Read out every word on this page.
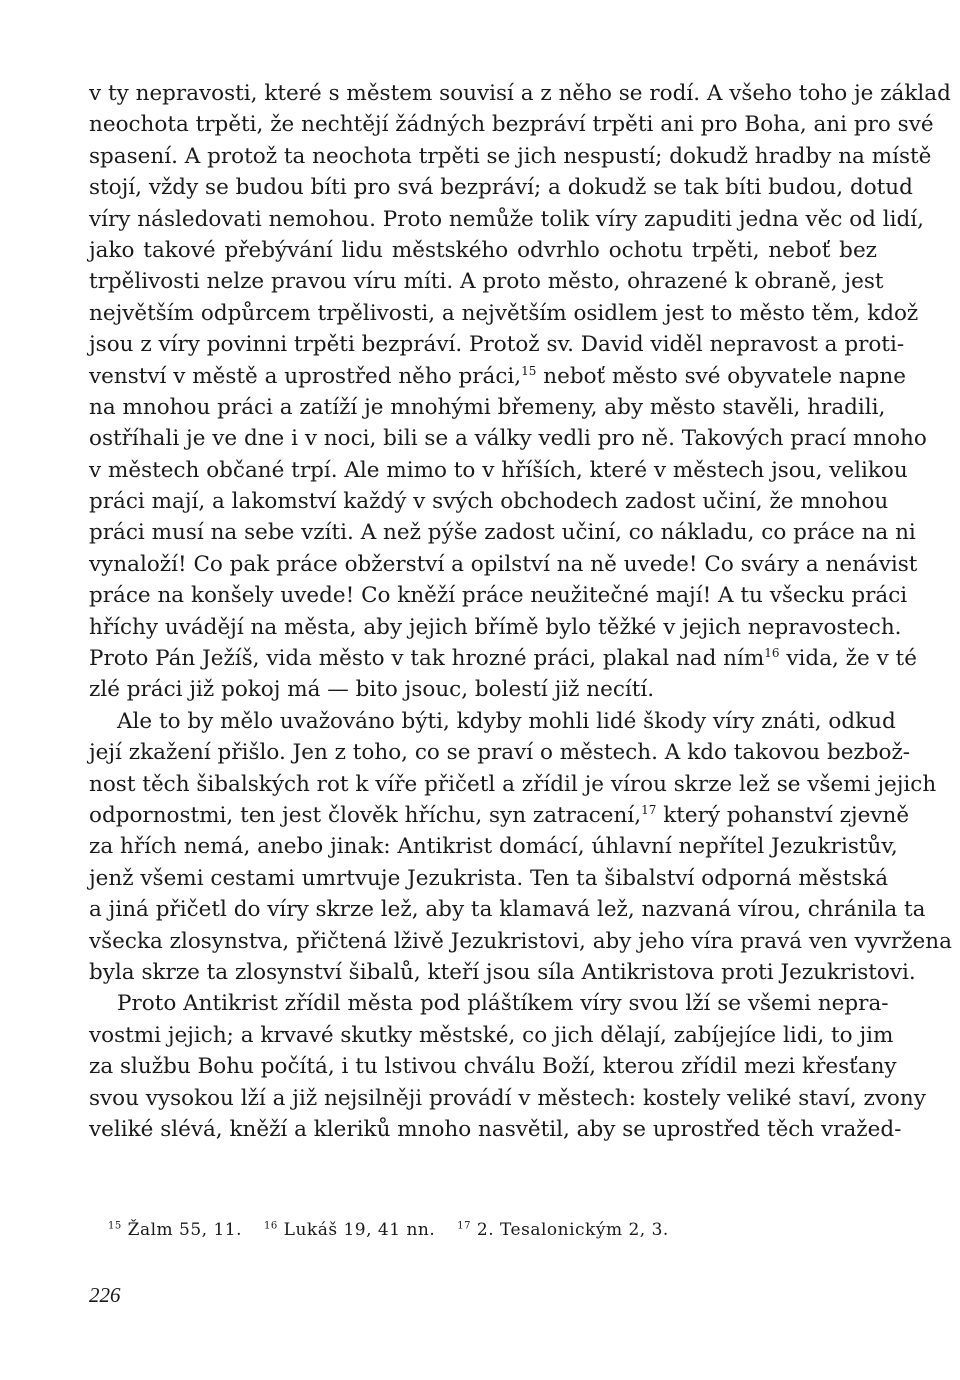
v ty nepravosti, které s městem souvisí a z něho se rodí. A všeho toho je základ
neochota trpěti, že nechtějí žádných bezpráví trpěti ani pro Boha, ani pro své
spasení. A protož ta neochota trpěti se jich nespustí; dokudž hradby na místě
stojí, vždy se budou bíti pro svá bezpráví; a dokudž se tak bíti budou, dotud
víry následovati nemohou. Proto nemůže tolik víry zapuditi jedna věc od lidí,
jako takové přebývání lidu městského odvrhlo ochotu trpěti, neboť bez
trpělivosti nelze pravou víru míti. A proto město, ohrazené k obraně, jest
největším odpůrcem trpělivosti, a největším osidlem jest to město těm, kdož
jsou z víry povinni trpěti bezpráví. Protož sv. David viděl nepravost a proti-
venství v městě a uprostřed něho práci,$^{15}$ neboť město své obyvatele napne
na mnohou práci a zatíží je mnohými břemeny, aby město stavěli, hradili,
ostříhali je ve dne i v noci, bili se a války vedli pro ně. Takových prací mnoho
v městech občané trpí. Ale mimo to v hříších, které v městech jsou, velikou
práci mají, a lakomství každý v svých obchodech zadost učiní, že mnohou
práci musí na sebe vzíti. A než pýše zadost učiní, co nákladu, co práce na ni
vynaloží! Co pak práce obžerství a opilství na ně uvede! Co sváry a nenávist
práce na konšely uvede! Co kněží práce neužitečné mají! A tu všecku práci
hříchy uvádějí na města, aby jejich břímě bylo těžké v jejich nepravostech.
Proto Pán Ježíš, vida město v tak hrozné práci, plakal nad ním$^{16}$ vida, že v té
zlé práci již pokoj má — bito jsouc, bolestí již necítí.
Ale to by mělo uvažováno býti, kdyby mohli lidé škody víry znáti, odkud
její zkažení přišlo. Jen z toho, co se praví o městech. A kdo takovou bezbož-
nost těch šibalských rot k víře přičetl a zřídil je vírou skrze lež se všemi jejich
odpornostmi, ten jest člověk hříchu, syn zatracení,$^{17}$ který pohanství zjevně
za hřích nemá, anebo jinak: Antikrist domácí, úhlavní nepřítel Jezukristův,
jenž všemi cestami umrtvuje Jezukrista. Ten ta šibalství odporná městská
a jiná přičetl do víry skrze lež, aby ta klamavá lež, nazvaná vírou, chránila ta
všecka zlosynstva, přičtená lživě Jezukristovi, aby jeho víra pravá ven vyvržena
byla skrze ta zlosynství šibalů, kteří jsou síla Antikristova proti Jezukristovi.
Proto Antikrist zřídil města pod pláštíkem víry svou lží se všemi nepra-
vostmi jejich; a krvavé skutky městské, co jich dělají, zabíjejíce lidi, to jim
za službu Bohu počítá, i tu lstivou chválu Boží, kterou zřídil mezi křesťany
svou vysokou lží a již nejsilněji provádí v městech: kostely veliké staví, zvony
veliké slévá, kněží a kleriků mnoho nasvětil, aby se uprostřed těch vražed-
$^{15}$ Žalm 55, 11. $^{16}$ Lukáš 19, 41 nn. $^{17}$ 2. Tesalonickým 2, 3.
226
